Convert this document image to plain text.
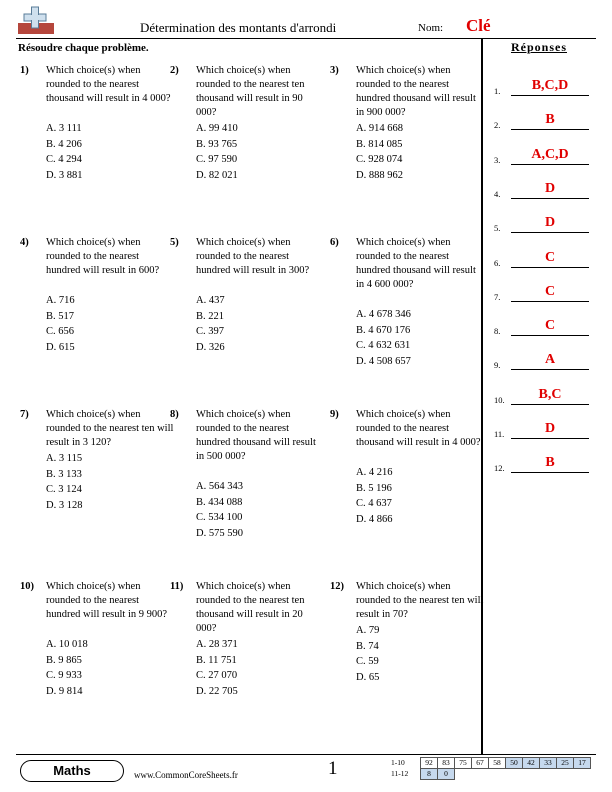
Détermination des montants d'arrondi	Nom: Clé
Résoudre chaque problème.	Réponses
1) Which choice(s) when rounded to the nearest thousand will result in 4 000?
A. 3 111
B. 4 206
C. 4 294
D. 3 881
2) Which choice(s) when rounded to the nearest ten thousand will result in 90 000?
A. 99 410
B. 93 765
C. 97 590
D. 82 021
3) Which choice(s) when rounded to the nearest hundred thousand will result in 900 000?
A. 914 668
B. 814 085
C. 928 074
D. 888 962
4) Which choice(s) when rounded to the nearest hundred will result in 600?
A. 716
B. 517
C. 656
D. 615
5) Which choice(s) when rounded to the nearest hundred will result in 300?
A. 437
B. 221
C. 397
D. 326
6) Which choice(s) when rounded to the nearest hundred thousand will result in 4 600 000?
A. 4 678 346
B. 4 670 176
C. 4 632 631
D. 4 508 657
7) Which choice(s) when rounded to the nearest ten will result in 3 120?
A. 3 115
B. 3 133
C. 3 124
D. 3 128
8) Which choice(s) when rounded to the nearest hundred thousand will result in 500 000?
A. 564 343
B. 434 088
C. 534 100
D. 575 590
9) Which choice(s) when rounded to the nearest thousand will result in 4 000?
A. 4 216
B. 5 196
C. 4 637
D. 4 866
10) Which choice(s) when rounded to the nearest hundred will result in 9 900?
A. 10 018
B. 9 865
C. 9 933
D. 9 814
11) Which choice(s) when rounded to the nearest ten thousand will result in 20 000?
A. 28 371
B. 11 751
C. 27 070
D. 22 705
12) Which choice(s) when rounded to the nearest ten will result in 70?
A. 79
B. 74
C. 59
D. 65
1.	B,C,D
2.	B
3.	A,C,D
4.	D
5.	D
6.	C
7.	C
8.	C
9.	A
10.	B,C
11.	D
12.	B
Maths	www.CommonCoreSheets.fr	1	1-10	92	83	75	67	58	50	42	33	25	17
11-12	8	0								
